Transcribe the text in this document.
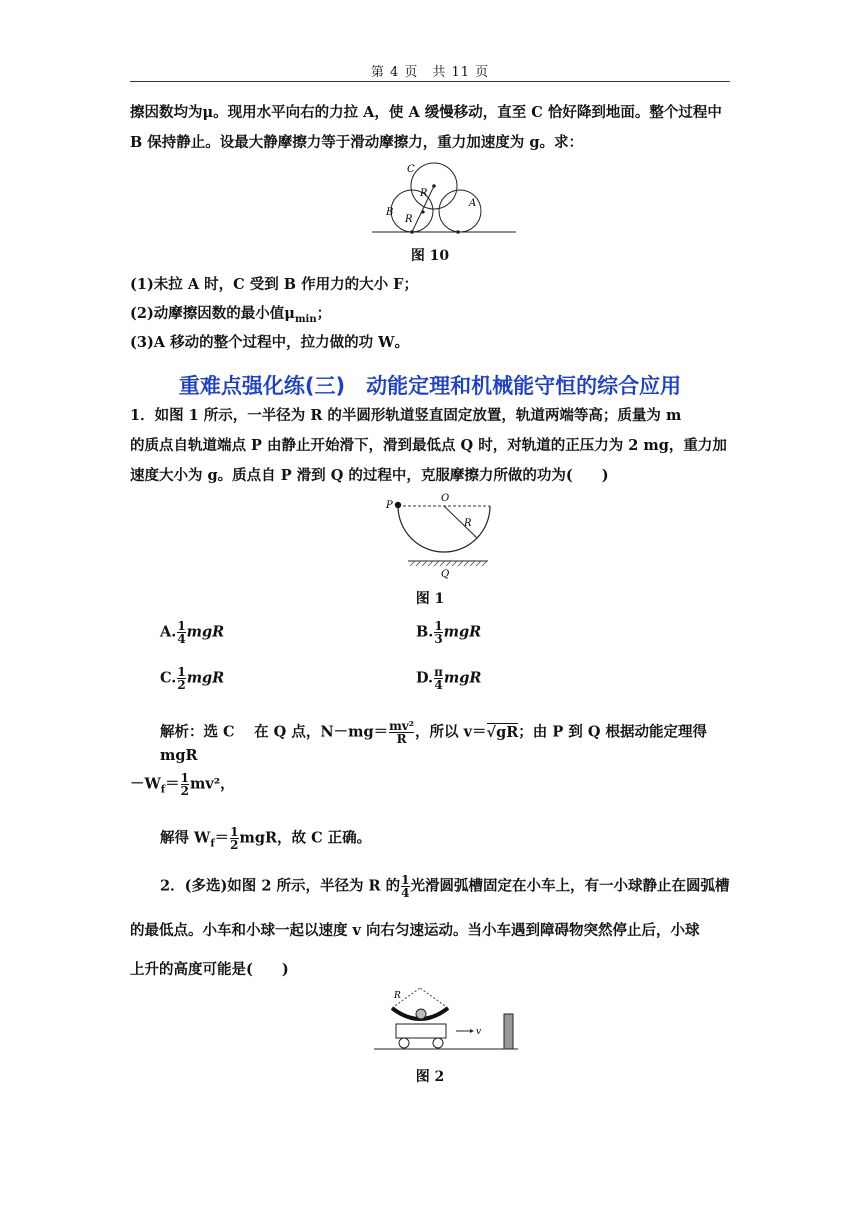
第 4 页　共 11 页
擦因数均为μ。现用水平向右的力拉 A，使 A 缓慢移动，直至 C 恰好降到地面。整个过程中
B 保持静止。设最大静摩擦力等于滑动摩擦力，重力加速度为 g。求：
C
R
B
R
A
图 10
(1)未拉 A 时，C 受到 B 作用力的大小 F；
(2)动摩擦因数的最小值$\mu_{min}$；
(3)A 移动的整个过程中，拉力做的功 W。
重难点强化练(三)　动能定理和机械能守恒的综合应用
1．如图 1 所示，一半径为 R 的半圆形轨道竖直固定放置，轨道两端等高；质量为 m
的质点自轨道端点 P 由静止开始滑下，滑到最低点 Q 时，对轨道的正压力为 2 mg，重力加
速度大小为 g。质点自 P 滑到 Q 的过程中，克服摩擦力所做的功为(　　)
P
O
R
Q
图 1
A. $\frac{1}{4}$ mgR	B. $\frac{1}{3}$ mgR
C. $\frac{1}{2}$ mgR	D. $\frac{\pi}{4}$ mgR
解析：选 C　 在 Q 点，$N-mg= \frac{\text{mv²}}{R}$ ，所以 v＝√gR；由 P 到 Q 根据动能定理得 mgR
$-W_f= \frac{1}{2} mv^2$，
解得 $W_f= \frac{1}{2}$ mgR，故 C 正确。
2．(多选)如图 2 所示，半径为 R 的 $\frac{1}{4}$ 光滑圆弧槽固定在小车上，有一小球静止在圆弧槽
的最低点。小车和小球一起以速度 v 向右匀速运动。当小车遇到障碍物突然停止后，小球
上升的高度可能是(　　)
R
v
图 2
